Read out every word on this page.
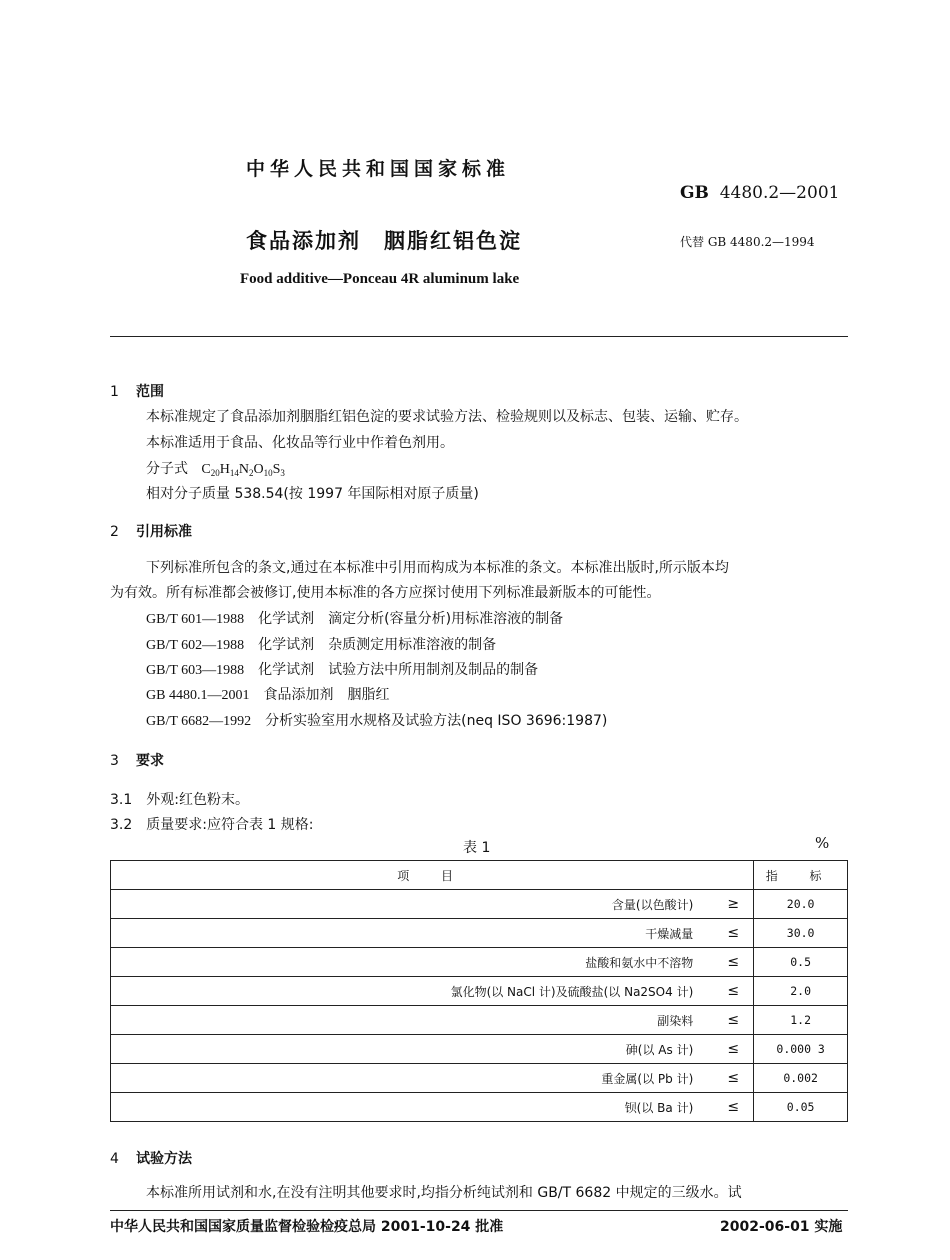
中华人民共和国国家标准
GB 4480.2—2001
食品添加剂　胭脂红铝色淀	代替 GB 4480.2—1994
Food additive—Ponceau 4R aluminum lake
1 范围
本标准规定了食品添加剂胭脂红铝色淀的要求试验方法、检验规则以及标志、包装、运输、贮存。
本标准适用于食品、化妆品等行业中作着色剂用。
分子式 $C_{20}H_{14}N_2O_{10}S_3$
相对分子质量 538.54(按 1997 年国际相对原子质量)
2 引用标准
下列标准所包含的条文,通过在本标准中引用而构成为本标准的条文。本标准出版时,所示版本均
为有效。所有标准都会被修订,使用本标准的各方应探讨使用下列标准最新版本的可能性。
GB/T 601—1988 化学试剂　滴定分析(容量分析)用标准溶液的制备
GB/T 602—1988 化学试剂　杂质测定用标准溶液的制备
GB/T 603—1988 化学试剂　试验方法中所用制剂及制品的制备
GB 4480.1—2001 食品添加剂　胭脂红
GB/T 6682—1992 分析实验室用水规格及试验方法(neq ISO 3696:1987)
3 要求
3.1　外观:红色粉末。
3.2　质量要求:应符合表 1 规格:
表 1	%
项 目		指 标
含量(以色酸计)	≥	20.0
干燥减量	≤	30.0
盐酸和氨水中不溶物	≤	0.5
氯化物(以 NaCl 计)及硫酸盐(以 Na2SO4 计)	≤	2.0
副染料	≤	1.2
砷(以 As 计)	≤	0.000 3
重金属(以 Pb 计)	≤	0.002
钡(以 Ba 计)	≤	0.05
4 试验方法
本标准所用试剂和水,在没有注明其他要求时,均指分析纯试剂和 GB/T 6682 中规定的三级水。试
中华人民共和国国家质量监督检验检疫总局 2001-10-24 批准	2002-06-01 实施
